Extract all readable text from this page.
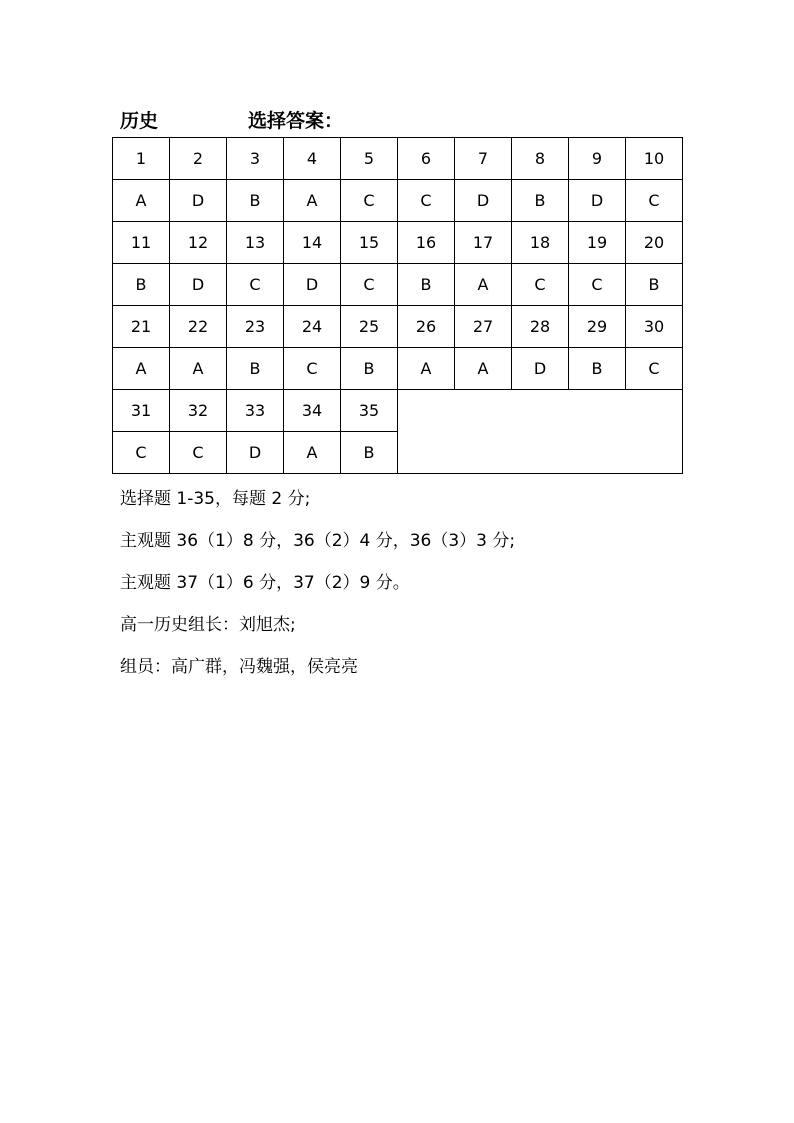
历史	选择答案：
1	2	3	4	5	6	7	8	9	10
A	D	B	A	C	C	D	B	D	C
11	12	13	14	15	16	17	18	19	20
B	D	C	D	C	B	A	C	C	B
21	22	23	24	25	26	27	28	29	30
A	A	B	C	B	A	A	D	B	C
31	32	33	34	35					
C	C	D	A	B					

选择题 1-35，每题 2 分;

主观题 36（1）8 分，36（2）4 分，36（3）3 分;

主观题 37（1）6 分，37（2）9 分。

高一历史组长：刘旭杰;

组员：高广群，冯魏强，侯亮亮
